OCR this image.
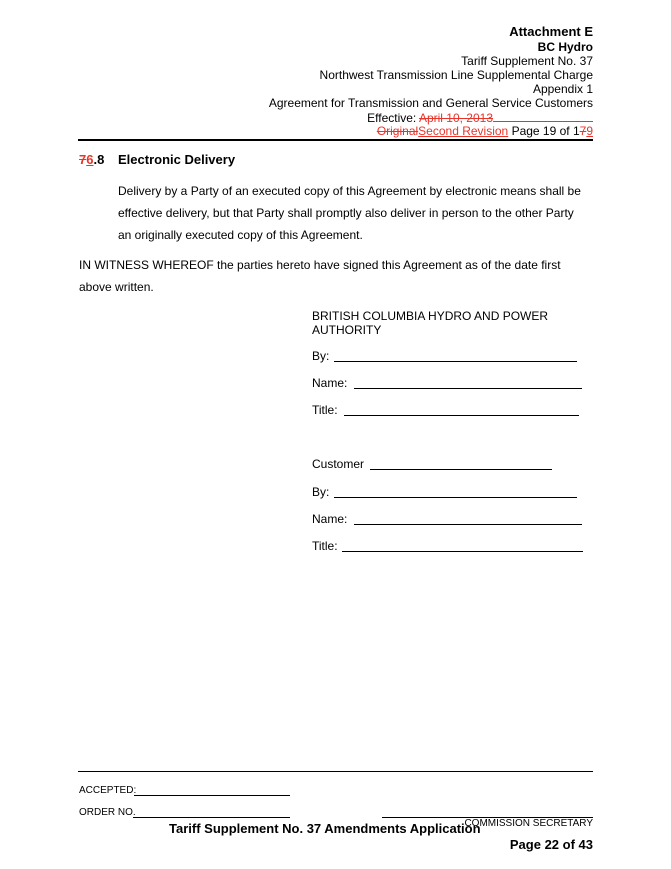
Attachment E
BC Hydro
Tariff Supplement No. 37
Northwest Transmission Line Supplemental Charge
Appendix 1
Agreement for Transmission and General Service Customers
Effective: April 10, 2013
OriginalSecond Revision Page 19 of 179
76.8 Electronic Delivery
Delivery by a Party of an executed copy of this Agreement by electronic means shall be
effective delivery, but that Party shall promptly also deliver in person to the other Party
an originally executed copy of this Agreement.
IN WITNESS WHEREOF the parties hereto have signed this Agreement as of the date first
above written.
BRITISH COLUMBIA HYDRO AND POWER
AUTHORITY
By:
Name:
Title:
Customer
By:
Name:
Title:
ACCEPTED:
ORDER NO.
COMMISSION SECRETARY
Tariff Supplement No. 37 Amendments Application
Page 22 of 43
